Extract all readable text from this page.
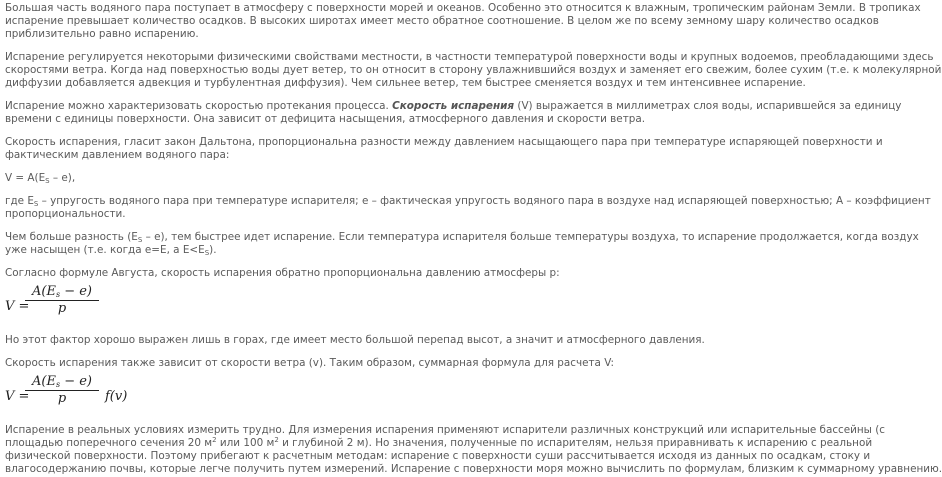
Большая часть водяного пара поступает в атмосферу с поверхности морей и океанов. Особенно это относится к влажным, тропическим районам Земли. В тропиках
испарение превышает количество осадков. В высоких широтах имеет место обратное соотношение. В целом же по всему земному шару количество осадков
приблизительно равно испарению.

Испарение регулируется некоторыми физическими свойствами местности, в частности температурой поверхности воды и крупных водоемов, преобладающими здесь
скоростями ветра. Когда над поверхностью воды дует ветер, то он относит в сторону увлажнившийся воздух и заменяет его свежим, более сухим (т.е. к молекулярной
диффузии добавляется адвекция и турбулентная диффузия). Чем сильнее ветер, тем быстрее сменяется воздух и тем интенсивнее испарение.

Испарение можно характеризовать скоростью протекания процесса. Скорость испарения (V) выражается в миллиметрах слоя воды, испарившейся за единицу
времени с единицы поверхности. Она зависит от дефицита насыщения, атмосферного давления и скорости ветра.

Скорость испарения, гласит закон Дальтона, пропорциональна разности между давлением насыщающего пара при температуре испаряющей поверхности и
фактическим давлением водяного пара:

$V = A(E_S - e)$,

где $E_S$ – упругость водяного пара при температуре испарителя; е – фактическая упругость водяного пара в воздухе над испаряющей поверхностью; А – коэффициент
пропорциональности.

Чем больше разность $(E_S - e)$, тем быстрее идет испарение. Если температура испарителя больше температуры воздуха, то испарение продолжается, когда воздух
уже насыщен (т.е. когда е=Е, а $Е<E_S$).

Согласно формуле Августа, скорость испарения обратно пропорциональна давлению атмосферы р:

V =
$\frac{A(E_s - e)}{p}$

Но этот фактор хорошо выражен лишь в горах, где имеет место большой перепад высот, а значит и атмосферного давления.

Скорость испарения также зависит от скорости ветра (v). Таким образом, суммарная формула для расчета V:

V =
$\frac{A(E_s - e)}{p} f(v)$

Испарение в реальных условиях измерить трудно. Для измерения испарения применяют испарители различных конструкций или испарительные бассейны (с
площадью поперечного сечения 20 $м^2$ или 100 $м^2$ и глубиной 2 м). Но значения, полученные по испарителям, нельзя приравнивать к испарению с реальной
физической поверхности. Поэтому прибегают к расчетным методам: испарение с поверхности суши рассчитывается исходя из данных по осадкам, стоку и
влагосодержанию почвы, которые легче получить путем измерений. Испарение с поверхности моря можно вычислить по формулам, близким к суммарному уравнению.
